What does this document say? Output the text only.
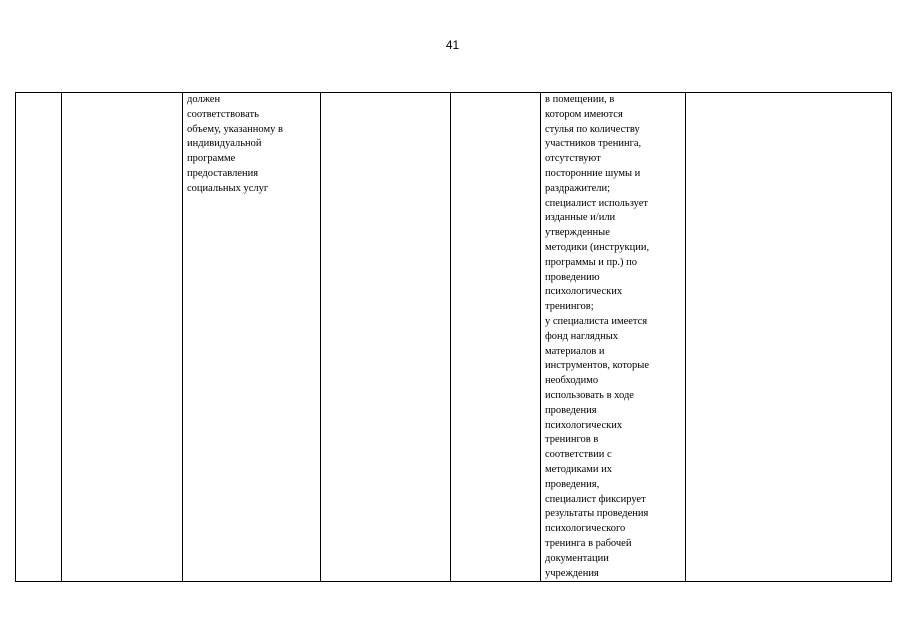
41
		должен
соответствовать
объему, указанному в
индивидуальной
программе
предоставления
социальных услуг			в помещении, в
котором имеются
стулья по количеству
участников тренинга,
отсутствуют
посторонние шумы и
раздражители;
специалист использует
изданные и/или
утвержденные
методики (инструкции,
программы и пр.) по
проведению
психологических
тренингов;
у специалиста имеется
фонд наглядных
материалов и
инструментов, которые
необходимо
использовать в ходе
проведения
психологических
тренингов в
соответствии с
методиками их
проведения,
специалист фиксирует
результаты проведения
психологического
тренинга в рабочей
документации
учреждения	
